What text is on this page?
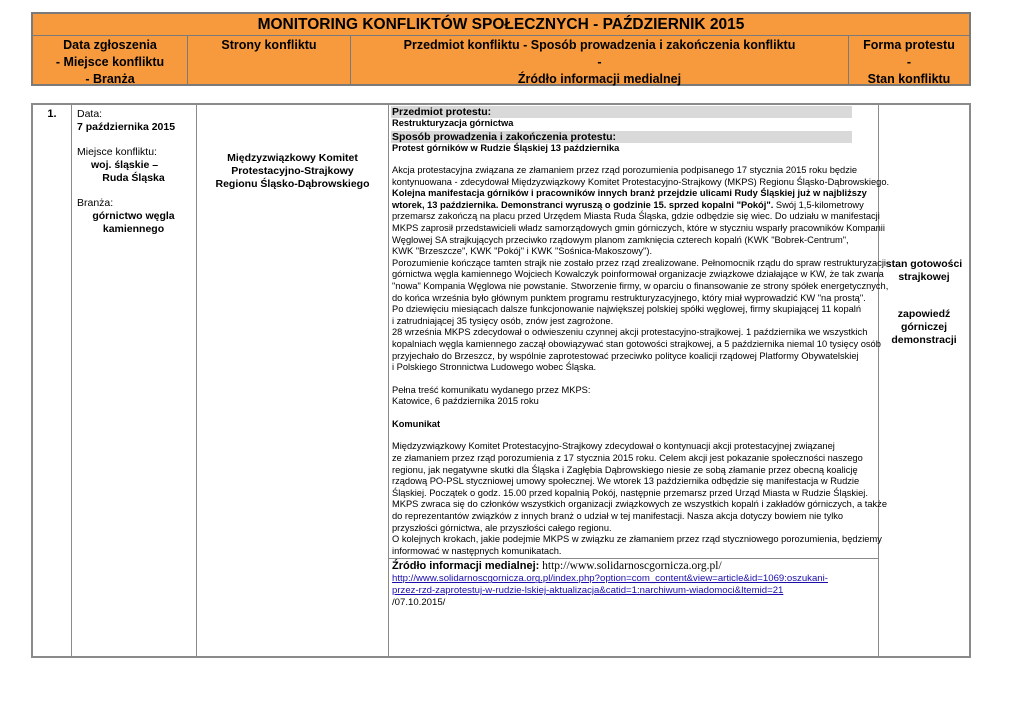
MONITORING KONFLIKTÓW SPOŁECZNYCH - PAŹDZIERNIK 2015
Data zgłoszenia
- Miejsce konfliktu
- Branża
Strony konfliktu	Przedmiot konfliktu - Sposób prowadzenia i zakończenia konfliktu
-
Źródło informacji medialnej
Forma protestu
-
Stan konfliktu
1.	Data:
7 października 2015
Miejsce konfliktu:
woj. śląskie –
Ruda Śląska
Branża:
górnictwo węgla
kamiennego
Międzyzwiązkowy Komitet
Protestacyjno-Strajkowy
Regionu Śląsko-Dąbrowskiego
Przedmiot protestu:
Restrukturyzacja górnictwa
Sposób prowadzenia i zakończenia protestu:
Protest górników w Rudzie Śląskiej 13 października
Akcja protestacyjna związana ze złamaniem przez rząd porozumienia podpisanego 17 stycznia 2015 roku będzie
kontynuowana - zdecydował Międzyzwiązkowy Komitet Protestacyjno-Strajkowy (MKPS) Regionu Śląsko-Dąbrowskiego.
Kolejna manifestacja górników i pracowników innych branż przejdzie ulicami Rudy Śląskiej już w najbliższy
wtorek, 13 października. Demonstranci wyruszą o godzinie 15. sprzed kopalni "Pokój". Swój 1,5-kilometrowy
przemarsz zakończą na placu przed Urzędem Miasta Ruda Śląska, gdzie odbędzie się wiec. Do udziału w manifestacji
MKPS zaprosił przedstawicieli władz samorządowych gmin górniczych, które w styczniu wsparły pracowników Kompanii
Węglowej SA strajkujących przeciwko rządowym planom zamknięcia czterech kopalń (KWK "Bobrek-Centrum",
KWK "Brzeszcze", KWK "Pokój" i KWK "Sośnica-Makoszowy").
Porozumienie kończące tamten strajk nie zostało przez rząd zrealizowane. Pełnomocnik rządu do spraw restrukturyzacji
górnictwa węgla kamiennego Wojciech Kowalczyk poinformował organizacje związkowe działające w KW, że tak zwana
"nowa" Kompania Węglowa nie powstanie. Stworzenie firmy, w oparciu o finansowanie ze strony spółek energetycznych,
do końca września było głównym punktem programu restrukturyzacyjnego, który miał wyprowadzić KW "na prostą".
Po dziewięciu miesiącach dalsze funkcjonowanie największej polskiej spółki węglowej, firmy skupiającej 11 kopalń
i zatrudniającej 35 tysięcy osób, znów jest zagrożone.
28 września MKPS zdecydował o odwieszeniu czynnej akcji protestacyjno-strajkowej. 1 października we wszystkich
kopalniach węgla kamiennego zaczął obowiązywać stan gotowości strajkowej, a 5 października niemal 10 tysięcy osób
przyjechało do Brzeszcz, by wspólnie zaprotestować przeciwko polityce koalicji rządowej Platformy Obywatelskiej
i Polskiego Stronnictwa Ludowego wobec Śląska.
Pełna treść komunikatu wydanego przez MKPS:
Katowice, 6 października 2015 roku
Komunikat
Międzyzwiązkowy Komitet Protestacyjno-Strajkowy zdecydował o kontynuacji akcji protestacyjnej związanej
ze złamaniem przez rząd porozumienia z 17 stycznia 2015 roku. Celem akcji jest pokazanie społeczności naszego
regionu, jak negatywne skutki dla Śląska i Zagłębia Dąbrowskiego niesie ze sobą złamanie przez obecną koalicję
rządową PO-PSL styczniowej umowy społecznej. We wtorek 13 października odbędzie się manifestacja w Rudzie
Śląskiej. Początek o godz. 15.00 przed kopalnią Pokój, następnie przemarsz przed Urząd Miasta w Rudzie Śląskiej.
MKPS zwraca się do członków wszystkich organizacji związkowych ze wszystkich kopalń i zakładów górniczych, a także
do reprezentantów związków z innych branż o udział w tej manifestacji. Nasza akcja dotyczy bowiem nie tylko
przyszłości górnictwa, ale przyszłości całego regionu.
O kolejnych krokach, jakie podejmie MKPS w związku ze złamaniem przez rząd styczniowego porozumienia, będziemy
informować w następnych komunikatach.
Źródło informacji medialnej: http://www.solidarnoscgornicza.org.pl/
http://www.solidarnoscgornicza.org.pl/index.php?option=com_content&view=article&id=1069:oszukani-
przez-rzd-zaprotestuj-w-rudzie-lskiej-aktualizacja&catid=1:narchiwum-wiadomoci&Itemid=21
/07.10.2015/
stan gotowości
strajkowej
zapowiedź górniczej
demonstracji
